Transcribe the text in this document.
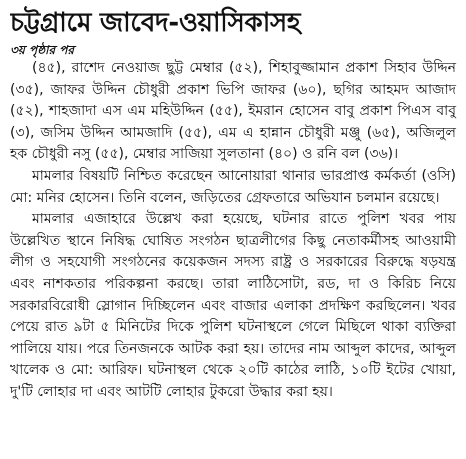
চট্টগ্রামে জাবেদ-ওয়াসিকাসহ

৩য় পৃষ্ঠার পর

(৪৫), রাশেদ নেওয়াজ ছুট্ট মেম্বার (৫২), শিহাবুজ্জামান প্রকাশ সিহাব উদ্দিন (৩৫), জাফর উদ্দিন চৌধুরী প্রকাশ ভিপি জাফর (৬০), ছগির আহমদ আজাদ (৫২), শাহজাদা এস এম মহিউদ্দিন (৫৫), ইমরান হোসেন বাবু প্রকাশ পিএস বাবু (৩), জসিম উদ্দিন আমজাদি (৫৫), এম এ হান্নান চৌধুরী মঞ্জু (৬৫), অজিলুল হক চৌধুরী নসু (৫৫), মেম্বার সাজিয়া সুলতানা (৪০) ও রনি বল (৩৬)।

মামলার বিষয়টি নিশ্চিত করেছেন আনোয়ারা থানার ভারপ্রাপ্ত কর্মকর্তা (ওসি) মো: মনির হোসেন। তিনি বলেন, জড়িতের গ্রেফতারে অভিযান চলমান রয়েছে।

মামলার এজাহারে উল্লেখ করা হয়েছে, ঘটনার রাতে পুলিশ খবর পায় উল্লেখিত স্থানে নিষিদ্ধ ঘোষিত সংগঠন ছাত্রলীগের কিছু নেতাকর্মীসহ আওয়ামী লীগ ও সহযোগী সংগঠনের কয়েকজন সদস্য রাষ্ট্র ও সরকারের বিরুদ্ধে ষড়যন্ত্র এবং নাশকতার পরিকল্পনা করছে। তারা লাঠিসোটা, রড, দা ও কিরিচ নিয়ে সরকারবিরোধী স্লোগান দিচ্ছিলেন এবং বাজার এলাকা প্রদক্ষিণ করছিলেন। খবর পেয়ে রাত ৯টা ৫ মিনিটের দিকে পুলিশ ঘটনাস্থলে গেলে মিছিলে থাকা ব্যক্তিরা পালিয়ে যায়। পরে তিনজনকে আটক করা হয়। তাদের নাম আব্দুল কাদের, আব্দুল খালেক ও মো: আরিফ। ঘটনাস্থল থেকে ২০টি কাঠের লাঠি, ১০টি ইটের খোয়া, দু'টি লোহার দা এবং আটটি লোহার টুকরো উদ্ধার করা হয়।
